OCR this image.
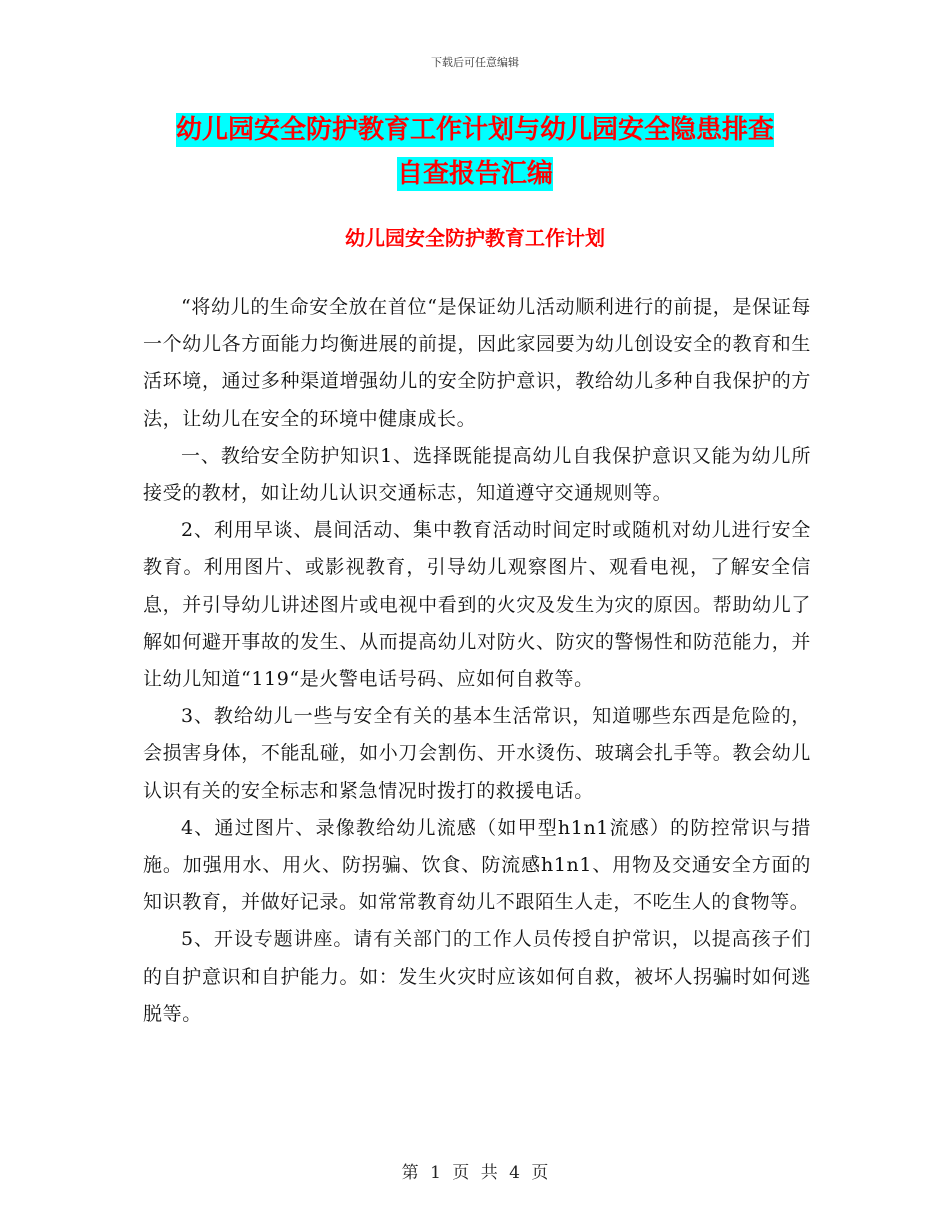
下载后可任意编辑
幼儿园安全防护教育工作计划与幼儿园安全隐患排查
自查报告汇编
幼儿园安全防护教育工作计划

“将幼儿的生命安全放在首位“是保证幼儿活动顺利进行的前提，是保证每一个幼儿各方面能力均衡进展的前提，因此家园要为幼儿创设安全的教育和生活环境，通过多种渠道增强幼儿的安全防护意识，教给幼儿多种自我保护的方法，让幼儿在安全的环境中健康成长。

一、教给安全防护知识1、选择既能提高幼儿自我保护意识又能为幼儿所接受的教材，如让幼儿认识交通标志，知道遵守交通规则等。

2、利用早谈、晨间活动、集中教育活动时间定时或随机对幼儿进行安全教育。利用图片、或影视教育，引导幼儿观察图片、观看电视，了解安全信息，并引导幼儿讲述图片或电视中看到的火灾及发生为灾的原因。帮助幼儿了解如何避开事故的发生、从而提高幼儿对防火、防灾的警惕性和防范能力，并让幼儿知道“119“是火警电话号码、应如何自救等。

3、教给幼儿一些与安全有关的基本生活常识，知道哪些东西是危险的，会损害身体，不能乱碰，如小刀会割伤、开水烫伤、玻璃会扎手等。教会幼儿认识有关的安全标志和紧急情况时拨打的救援电话。

4、通过图片、录像教给幼儿流感（如甲型h1n1流感）的防控常识与措施。加强用水、用火、防拐骗、饮食、防流感h1n1、用物及交通安全方面的知识教育，并做好记录。如常常教育幼儿不跟陌生人走，不吃生人的食物等。

5、开设专题讲座。请有关部门的工作人员传授自护常识，以提高孩子们的自护意识和自护能力。如：发生火灾时应该如何自救，被坏人拐骗时如何逃脱等。

第 1 页 共 4 页
